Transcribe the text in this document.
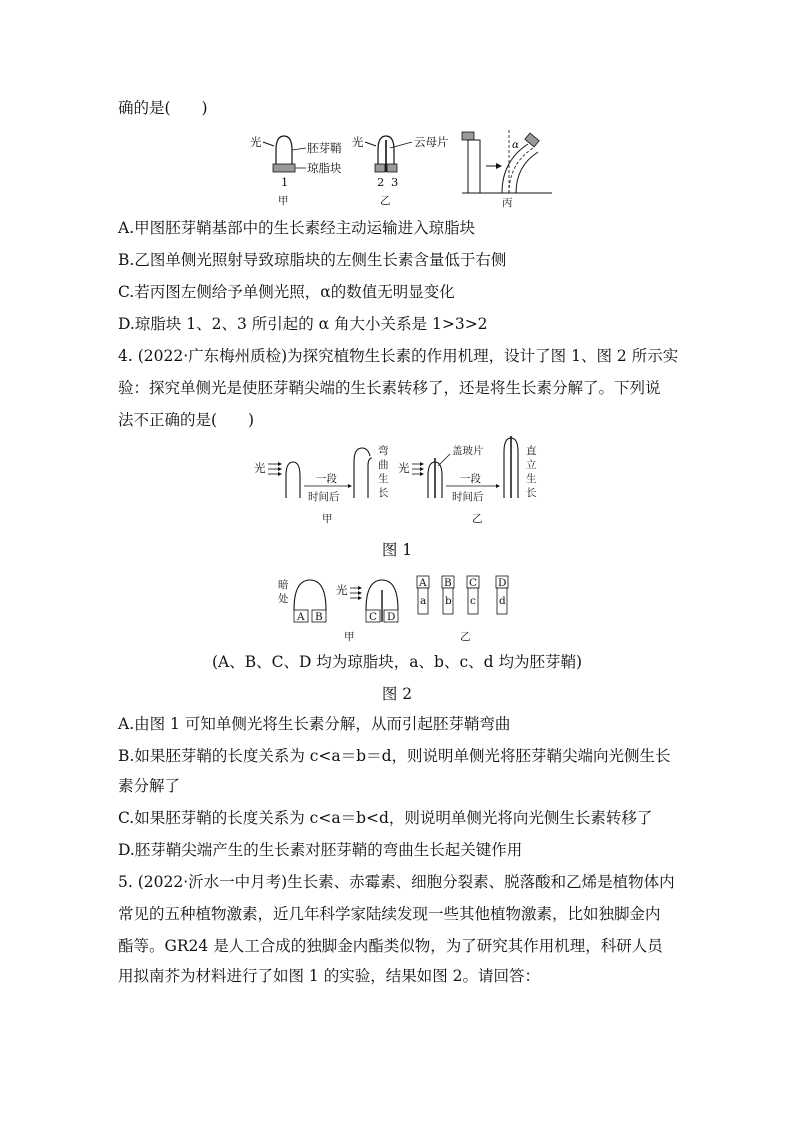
确的是(　　)
光	胚芽鞘
琼脂块
1
甲
光	云母片
2 3
乙
α
丙
A.甲图胚芽鞘基部中的生长素经主动运输进入琼脂块
B.乙图单侧光照射导致琼脂块的左侧生长素含量低于右侧
C.若丙图左侧给予单侧光照，α的数值无明显变化
D.琼脂块 1、2、3 所引起的 α 角大小关系是 1>3>2
4. (2022·广东梅州质检)为探究植物生长素的作用机理，设计了图 1、图 2 所示实
验：探究单侧光是使胚芽鞘尖端的生长素转移了，还是将生长素分解了。下列说
法不正确的是(　　)
光
一段
时间后
弯
曲
生
长
甲
光
盖玻片
一段
时间后
直
立
生
长
乙
图 1
暗
处
A B
光
C D
甲
A
a
B
b
C
c
D
d
乙
(A、B、C、D 均为琼脂块，a、b、c、d 均为胚芽鞘)
图 2
A.由图 1 可知单侧光将生长素分解，从而引起胚芽鞘弯曲
B.如果胚芽鞘的长度关系为 c<a＝b＝d，则说明单侧光将胚芽鞘尖端向光侧生长
素分解了
C.如果胚芽鞘的长度关系为 c<a＝b<d，则说明单侧光将向光侧生长素转移了
D.胚芽鞘尖端产生的生长素对胚芽鞘的弯曲生长起关键作用
5. (2022·沂水一中月考)生长素、赤霉素、细胞分裂素、脱落酸和乙烯是植物体内
常见的五种植物激素，近几年科学家陆续发现一些其他植物激素，比如独脚金内
酯等。GR24 是人工合成的独脚金内酯类似物，为了研究其作用机理，科研人员
用拟南芥为材料进行了如图 1 的实验，结果如图 2。请回答：
